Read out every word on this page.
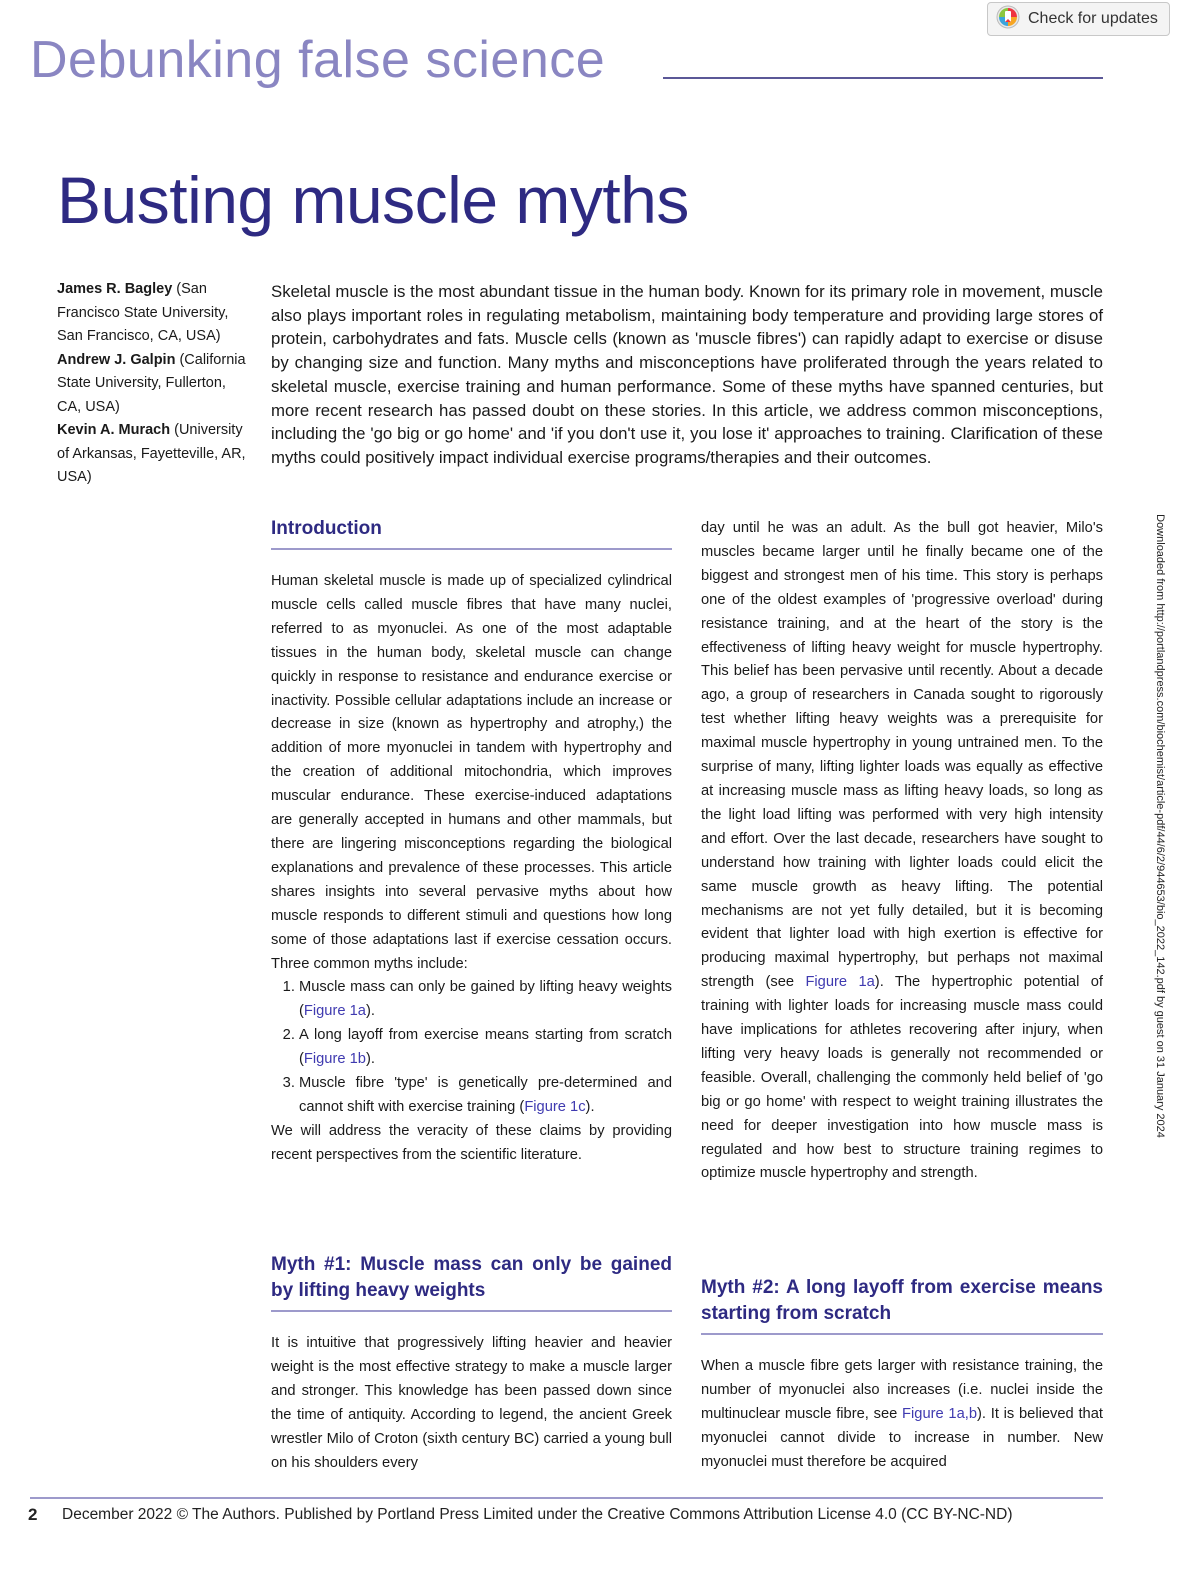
Debunking false science
Check for updates
Busting muscle myths
James R. Bagley (San Francisco State University, San Francisco, CA, USA)
Andrew J. Galpin (California State University, Fullerton, CA, USA)
Kevin A. Murach (University of Arkansas, Fayetteville, AR, USA)
Skeletal muscle is the most abundant tissue in the human body. Known for its primary role in movement, muscle also plays important roles in regulating metabolism, maintaining body temperature and providing large stores of protein, carbohydrates and fats. Muscle cells (known as 'muscle fibres') can rapidly adapt to exercise or disuse by changing size and function. Many myths and misconceptions have proliferated through the years related to skeletal muscle, exercise training and human performance. Some of these myths have spanned centuries, but more recent research has passed doubt on these stories. In this article, we address common misconceptions, including the 'go big or go home' and 'if you don't use it, you lose it' approaches to training. Clarification of these myths could positively impact individual exercise programs/therapies and their outcomes.
Introduction
Human skeletal muscle is made up of specialized cylindrical muscle cells called muscle fibres that have many nuclei, referred to as myonuclei. As one of the most adaptable tissues in the human body, skeletal muscle can change quickly in response to resistance and endurance exercise or inactivity. Possible cellular adaptations include an increase or decrease in size (known as hypertrophy and atrophy,) the addition of more myonuclei in tandem with hypertrophy and the creation of additional mitochondria, which improves muscular endurance. These exercise-induced adaptations are generally accepted in humans and other mammals, but there are lingering misconceptions regarding the biological explanations and prevalence of these processes. This article shares insights into several pervasive myths about how muscle responds to different stimuli and questions how long some of those adaptations last if exercise cessation occurs. Three common myths include:
1. Muscle mass can only be gained by lifting heavy weights (Figure 1a).
2. A long layoff from exercise means starting from scratch (Figure 1b).
3. Muscle fibre 'type' is genetically pre-determined and cannot shift with exercise training (Figure 1c).
We will address the veracity of these claims by providing recent perspectives from the scientific literature.
Myth #1: Muscle mass can only be gained by lifting heavy weights
It is intuitive that progressively lifting heavier and heavier weight is the most effective strategy to make a muscle larger and stronger. This knowledge has been passed down since the time of antiquity. According to legend, the ancient Greek wrestler Milo of Croton (sixth century BC) carried a young bull on his shoulders every
day until he was an adult. As the bull got heavier, Milo's muscles became larger until he finally became one of the biggest and strongest men of his time. This story is perhaps one of the oldest examples of 'progressive overload' during resistance training, and at the heart of the story is the effectiveness of lifting heavy weight for muscle hypertrophy. This belief has been pervasive until recently. About a decade ago, a group of researchers in Canada sought to rigorously test whether lifting heavy weights was a prerequisite for maximal muscle hypertrophy in young untrained men. To the surprise of many, lifting lighter loads was equally as effective at increasing muscle mass as lifting heavy loads, so long as the light load lifting was performed with very high intensity and effort. Over the last decade, researchers have sought to understand how training with lighter loads could elicit the same muscle growth as heavy lifting. The potential mechanisms are not yet fully detailed, but it is becoming evident that lighter load with high exertion is effective for producing maximal hypertrophy, but perhaps not maximal strength (see Figure 1a). The hypertrophic potential of training with lighter loads for increasing muscle mass could have implications for athletes recovering after injury, when lifting very heavy loads is generally not recommended or feasible. Overall, challenging the commonly held belief of 'go big or go home' with respect to weight training illustrates the need for deeper investigation into how muscle mass is regulated and how best to structure training regimes to optimize muscle hypertrophy and strength.
Myth #2: A long layoff from exercise means starting from scratch
When a muscle fibre gets larger with resistance training, the number of myonuclei also increases (i.e. nuclei inside the multinuclear muscle fibre, see Figure 1a,b). It is believed that myonuclei cannot divide to increase in number. New myonuclei must therefore be acquired
Downloaded from http://portlandpress.com/biochemist/article-pdf/44/6/2/944653/bio_2022_142.pdf by guest on 31 January 2024
2 December 2022 © The Authors. Published by Portland Press Limited under the Creative Commons Attribution License 4.0 (CC BY-NC-ND)
